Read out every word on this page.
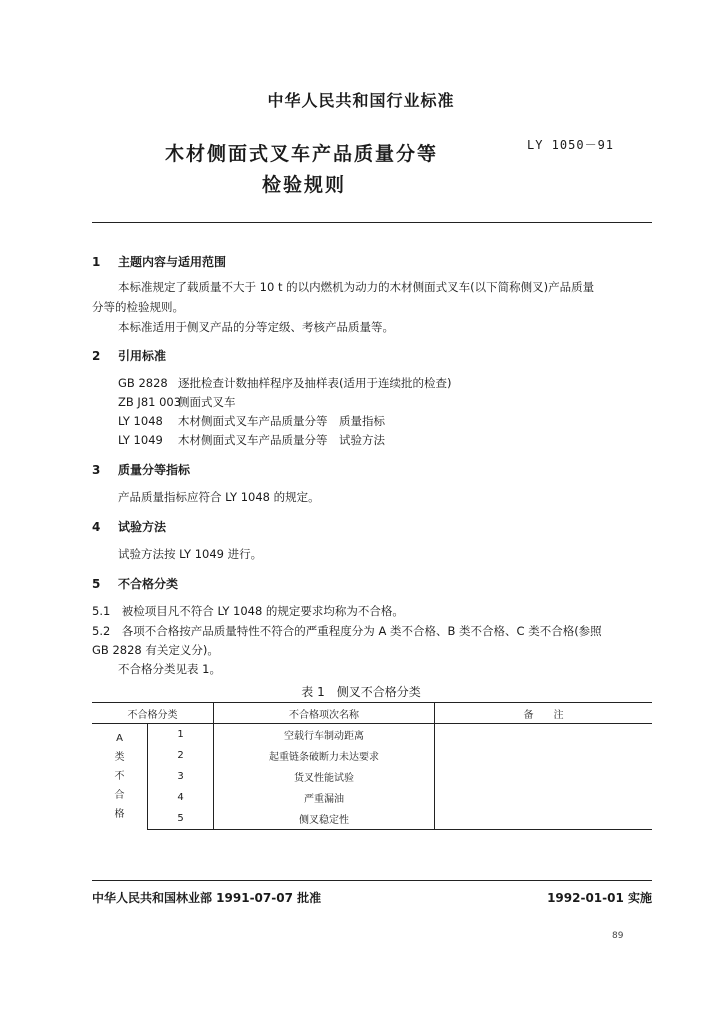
中华人民共和国行业标准
木材侧面式叉车产品质量分等
检验规则
LY 1050－91
1 主题内容与适用范围
本标准规定了载质量不大于 10 t 的以内燃机为动力的木材侧面式叉车(以下简称侧叉)产品质量
分等的检验规则。
本标准适用于侧叉产品的分等定级、考核产品质量等。
2 引用标准
GB 2828 逐批检查计数抽样程序及抽样表(适用于连续批的检查)
ZB J81 003侧面式叉车
LY 1048 木材侧面式叉车产品质量分等　质量指标
LY 1049 木材侧面式叉车产品质量分等　试验方法
3 质量分等指标
产品质量指标应符合 LY 1048 的规定。
4 试验方法
试验方法按 LY 1049 进行。
5 不合格分类
5.1　被检项目凡不符合 LY 1048 的规定要求均称为不合格。
5.2　各项不合格按产品质量特性不符合的严重程度分为 A 类不合格、B 类不合格、C 类不合格(参照
GB 2828 有关定义分)。
不合格分类见表 1。
表 1　侧叉不合格分类
不合格分类		不合格项次名称	备　　注

A
类
不
合
格	1	空载行车制动距离	
	2	起重链条破断力未达要求	
	3	货叉性能试验	
	4	严重漏油	
	5	侧叉稳定性	
中华人民共和国林业部 1991-07-07 批准	1992-01-01 实施
89
